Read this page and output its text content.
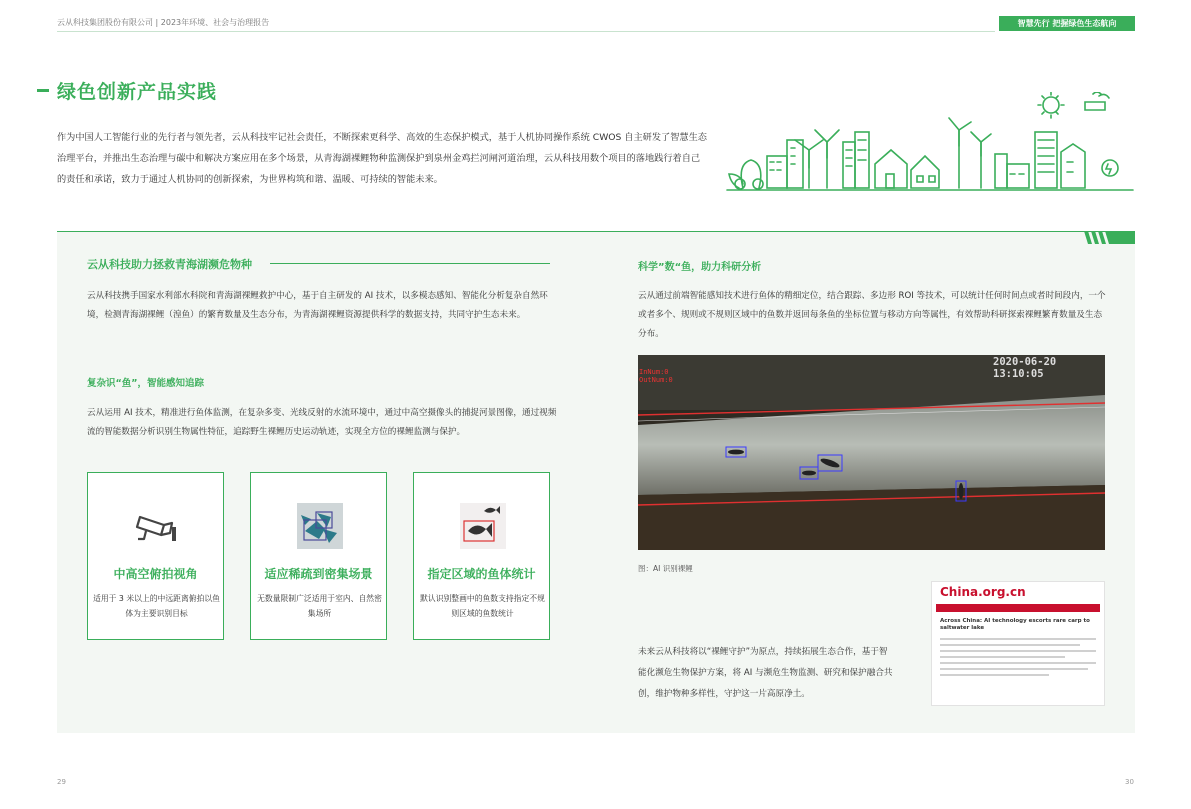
云从科技集团股份有限公司 | 2023年环境、社会与治理报告	智慧先行 把握绿色生态航向
绿色创新产品实践
作为中国人工智能行业的先行者与领先者，云从科技牢记社会责任，不断探索更科学、高效的生态保护模式，基于人机协同操作系统 CWOS 自主研发了智慧生态治理平台，并推出生态治理与碳中和解决方案应用在多个场景，从青海湖裸鲤物种监测保护到泉州金鸡拦河闸河道治理，云从科技用数个项目的落地践行着自己的责任和承诺，致力于通过人机协同的创新探索，为世界构筑和谐、温暖、可持续的智能未来。
云从科技助力拯救青海湖濒危物种
云从科技携手国家水利部水科院和青海湖裸鲤救护中心，基于自主研发的 AI 技术，以多模态感知、智能化分析复杂自然环境，检测青海湖裸鲤（湟鱼）的繁育数量及生态分布，为青海湖裸鲤资源提供科学的数据支持，共同守护生态未来。
复杂识“鱼”，智能感知追踪
云从运用 AI 技术，精准进行鱼体监测，在复杂多变、光线反射的水流环境中，通过中高空摄像头的捕捉河景图像，通过视频流的智能数据分析识别生物属性特征，追踪野生裸鲤历史运动轨迹，实现全方位的裸鲤监测与保护。
中高空俯拍视角
适用于 3 米以上的中远距离俯拍以鱼体为主要识别目标
适应稀疏到密集场景
无数量限制广泛适用于室内、自然密集场所
指定区域的鱼体统计
默认识别整画中的鱼数支持指定不规则区域的鱼数统计
科学”数“鱼，助力科研分析
云从通过前端智能感知技术进行鱼体的精细定位，结合跟踪、多边形 ROI 等技术，可以统计任何时间点或者时间段内，一个或者多个、规则或不规则区域中的鱼数并返回每条鱼的坐标位置与移动方向等属性，有效帮助科研探索裸鲤繁育数量及生态分布。
2020-06-20 13:10:05
InNum:0
OutNum:0
图：AI 识别裸鲤
China.org.cn
Across China: AI technology escorts rare carp to saltwater lake
未来云从科技将以“裸鲤守护”为原点，持续拓展生态合作，基于智能化濒危生物保护方案，将 AI 与濒危生物监测、研究和保护融合共创，维护物种多样性，守护这一片高原净土。
29	30
